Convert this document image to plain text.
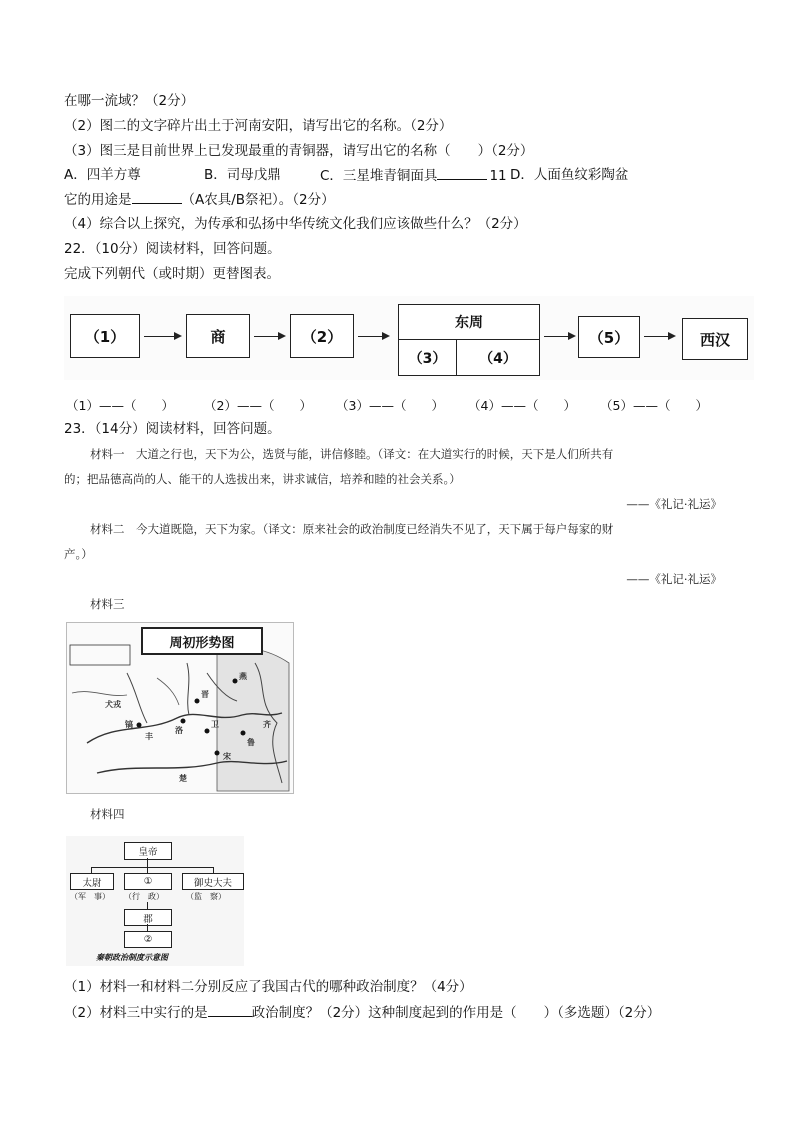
在哪一流域？（2分）
（2）图二的文字碎片出土于河南安阳，请写出它的名称。（2分）
（3）图三是目前世界上已发现最重的青铜器，请写出它的名称（　　）（2分）
A．四羊方尊	B．司母戊鼎	C．三星堆青铜面具	11 D．人面鱼纹彩陶盆
它的用途是	（A农具/B祭祀）。（2分）
（4）综合以上探究，为传承和弘扬中华传统文化我们应该做些什么？（2分）
22．（10分）阅读材料，回答问题。
完成下列朝代（或时期）更替图表。
（1）	商	（2）
东周
（3）	（4）
（5）	西汉
（1）——（　　） （2）——（　　） （3）——（　　） （4）——（　　） （5）——（　　）
23．（14分）阅读材料，回答问题。
材料一　大道之行也，天下为公，选贤与能，讲信修睦。（译文：在大道实行的时候，天下是人们所共有
的；把品德高尚的人、能干的人选拔出来，讲求诚信，培养和睦的社会关系。）
——《礼记·礼运》
材料二　今大道既隐，天下为家。（译文：原来社会的政治制度已经消失不见了，天下属于每户每家的财
产。）
——《礼记·礼运》
材料三
周初形势图
犬戎
镐
丰
洛
鲁
燕
齐
晋
卫
宋
楚
材料四
皇帝
太尉	①	御史大夫
（军　事） （行　政）	（监　察）
郡
②
秦朝政治制度示意图
（1）材料一和材料二分别反应了我国古代的哪种政治制度？（4分）
（2）材料三中实行的是	政治制度？（2分）这种制度起到的作用是（　　）（多选题）（2分）
